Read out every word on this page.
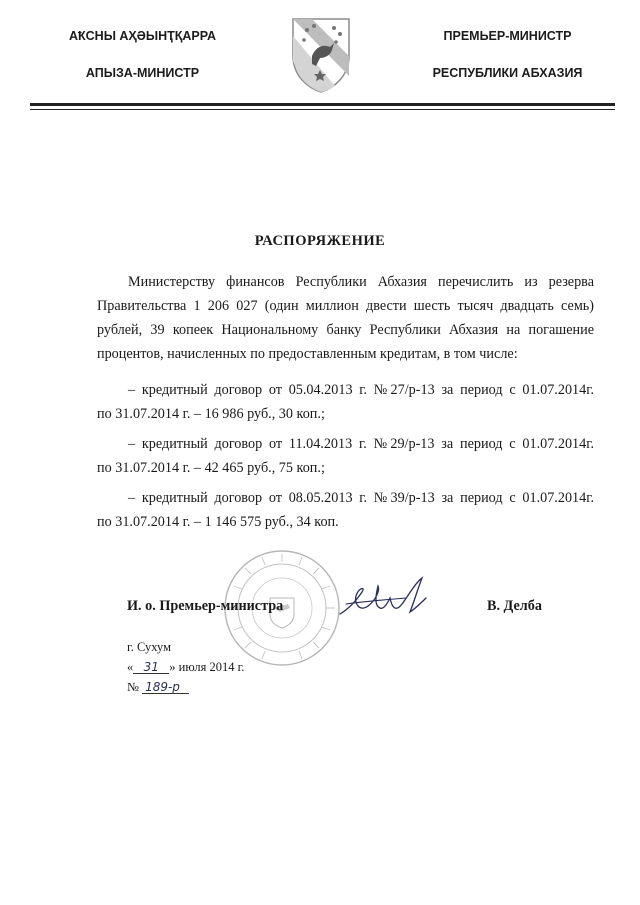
АҞСНЫ АҲӘЫНҬҚАРРА
АПЫЗА-МИНИСТР
ПРЕМЬЕР-МИНИСТР
РЕСПУБЛИКИ АБХАЗИЯ
РАСПОРЯЖЕНИЕ
Министерству финансов Республики Абхазия перечислить из резерва Правительства 1 206 027 (один миллион двести шесть тысяч двадцать семь) рублей, 39 копеек Национальному банку Республики Абхазия на погашение процентов, начисленных по предоставленным кредитам, в том числе:
– кредитный договор от 05.04.2013 г. №27/р-13 за период с 01.07.2014г.
по 31.07.2014 г. – 16 986 руб., 30 коп.;
– кредитный договор от 11.04.2013 г. №29/р-13 за период с 01.07.2014г.
по 31.07.2014 г. – 42 465 руб., 75 коп.;
– кредитный договор от 08.05.2013 г. №39/р-13 за период с 01.07.2014г.
по 31.07.2014 г. – 1 146 575 руб., 34 коп.
И. о. Премьер-министра	В. Делба
г. Сухум
« 31 » июля 2014 г.
№ 189-р
